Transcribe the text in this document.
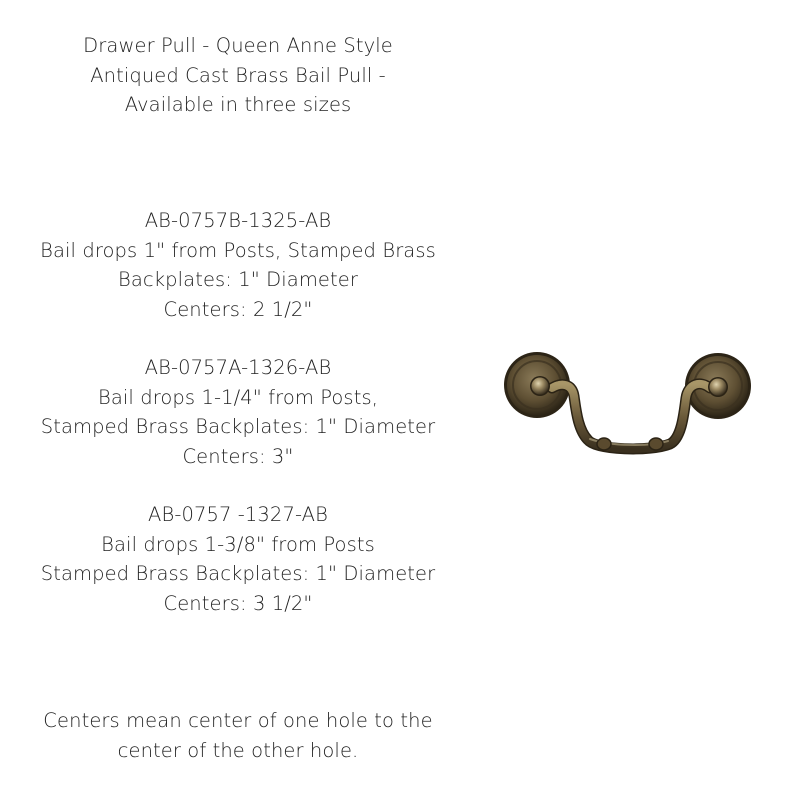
Drawer Pull - Queen Anne Style
Antiqued Cast Brass Bail Pull -
Available in three sizes
AB-0757B-1325-AB
Bail drops 1" from Posts, Stamped Brass
Backplates: 1" Diameter
Centers: 2 1/2"
AB-0757A-1326-AB
Bail drops 1-1/4" from Posts,
Stamped Brass Backplates: 1" Diameter
Centers: 3"
AB-0757 -1327-AB
Bail drops 1-3/8" from Posts
Stamped Brass Backplates: 1" Diameter
Centers: 3 1/2"
Centers mean center of one hole to the
center of the other hole.
